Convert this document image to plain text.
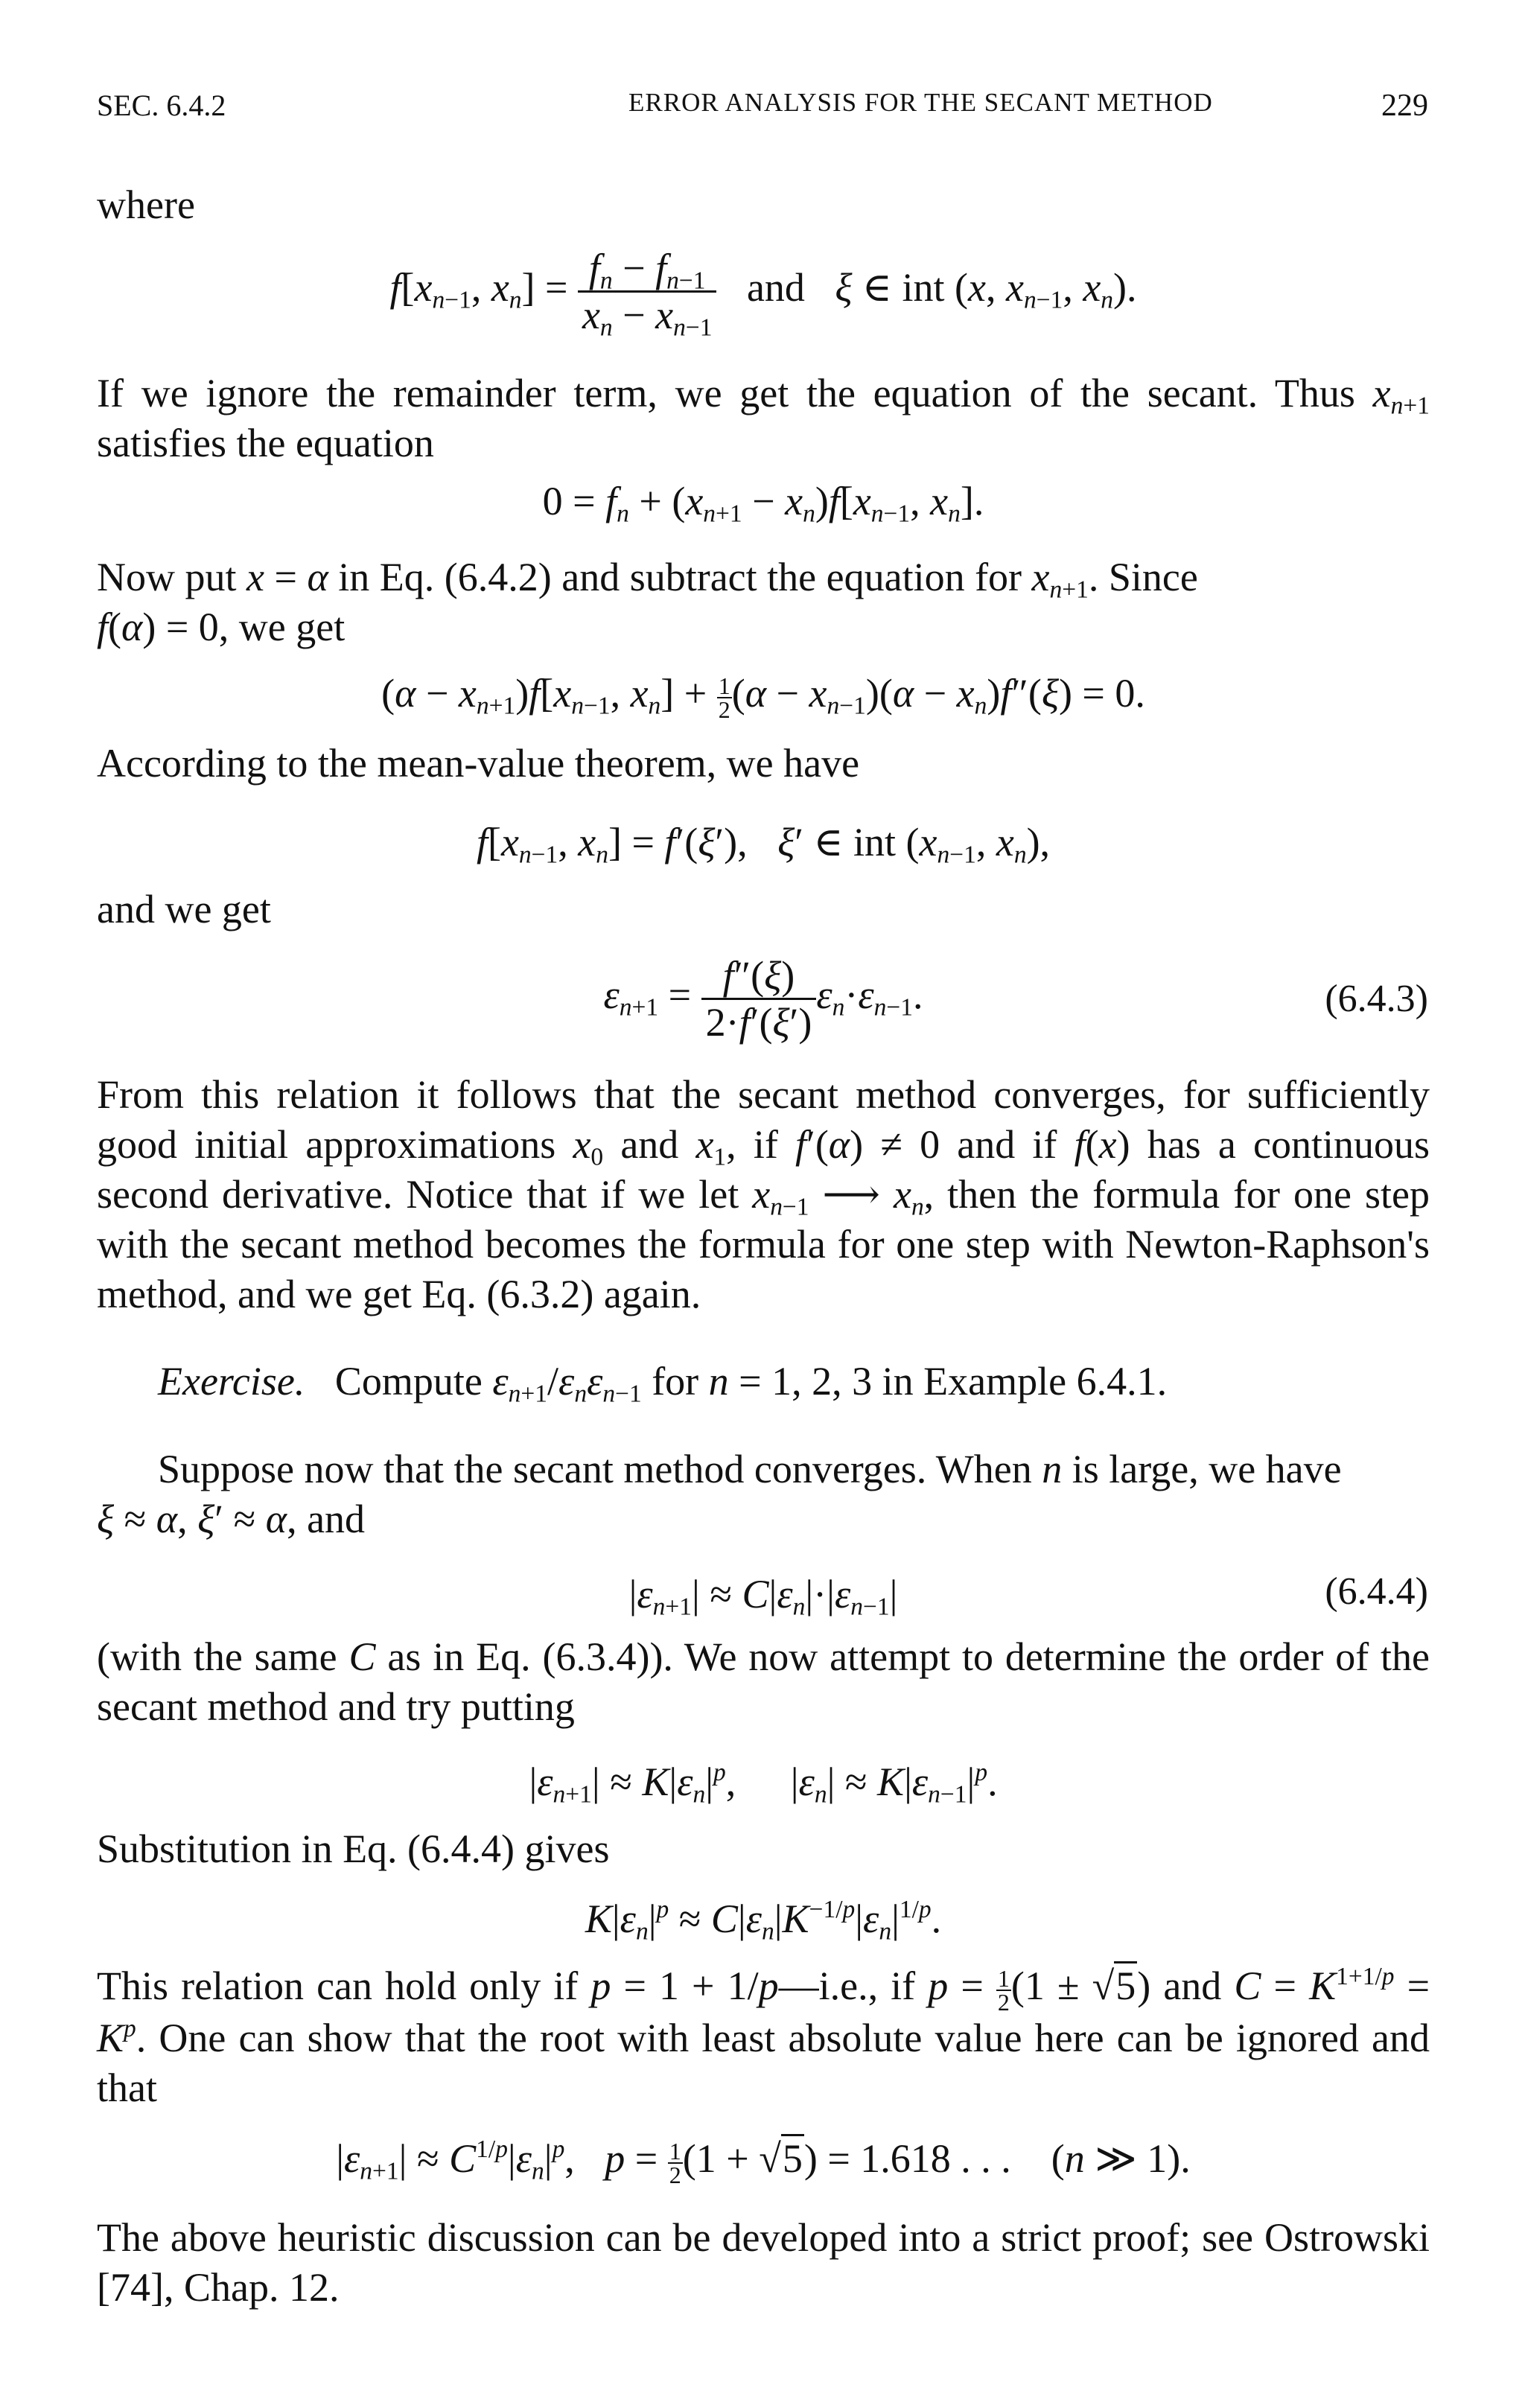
SEC. 6.4.2	ERROR ANALYSIS FOR THE SECANT METHOD	229

where

$f[x_{n-1}$, $x_n] = \frac{f_n - f_{n-1}}{x_n - x_{n-1}}$ and   ξ ∈ int (x, $x_{n-1}$, $x_n$).

If we ignore the remainder term, we get the equation of the secant. Thus $x_{n+1}$ satisfies the equation

$0 = f_n + (x_{n+1} - x_n)f[x_{n-1}$, $x_n$].

Now put x = α in Eq. (6.4.2) and subtract the equation for $x_{n+1}$. Since
f(α) = 0, we get

$(\alpha - x_{n+1})f[x_{n-1}$, $x_n] + \frac{1}{2} (\alpha - x_{n-1})(\alpha - x_n)f''(\xi) = 0$.

According to the mean-value theorem, we have

$f[x_{n-1}$, $x_n] = f'(\xi')$,   ξ′ ∈ int ($x_{n-1}$, $x_n$),

and we get

$\varepsilon_{n+1} = \frac{f''(\xi)}{2\cdot f'(\xi')} \varepsilon_n\cdot\varepsilon_{n-1}$.	(6.4.3)

From this relation it follows that the secant method converges, for sufficiently good initial approximations $x_0$ and $x_1$, if f′(α) ≠ 0 and if f(x) has a continuous second derivative. Notice that if we let $x_{n-1}$ ⟶ $x_n$, then the formula for one step with the secant method becomes the formula for one step with Newton-Raphson's method, and we get Eq. (6.3.2) again.

Exercise. Compute $\varepsilon_{n+1}/\varepsilon_n\varepsilon_{n-1}$ for n = 1, 2, 3 in Example 6.4.1.

Suppose now that the secant method converges. When n is large, we have
ξ ≈ α, ξ′ ≈ α, and

$|\varepsilon_{n+1}| \approx C|\varepsilon_n|\cdot|\varepsilon_{n-1}|$	(6.4.4)

(with the same C as in Eq. (6.3.4)). We now attempt to determine the order of the secant method and try putting

$|\varepsilon_{n+1}| \approx K|\varepsilon_n|^p$, $|\varepsilon_n| \approx K|\varepsilon_{n-1}|^p$.

Substitution in Eq. (6.4.4) gives

$K|\varepsilon_n|^p \approx C|\varepsilon_n|K^{-1/p}|\varepsilon_n|^{1/p}$.

This relation can hold only if p = 1 + 1/p—i.e., if $p = \frac{1}{2} (1 \pm √5)$ and $C = K^{1+1/p} = K^p$. One can show that the root with least absolute value here can be ignored and that

$|\varepsilon_{n+1}| \approx C^{1/p}|\varepsilon_n|^p$,   $p = \frac{1}{2} (1 + √5) = 1.618$ . . .    (n ≫ 1).

The above heuristic discussion can be developed into a strict proof; see Ostrowski [74], Chap. 12.
